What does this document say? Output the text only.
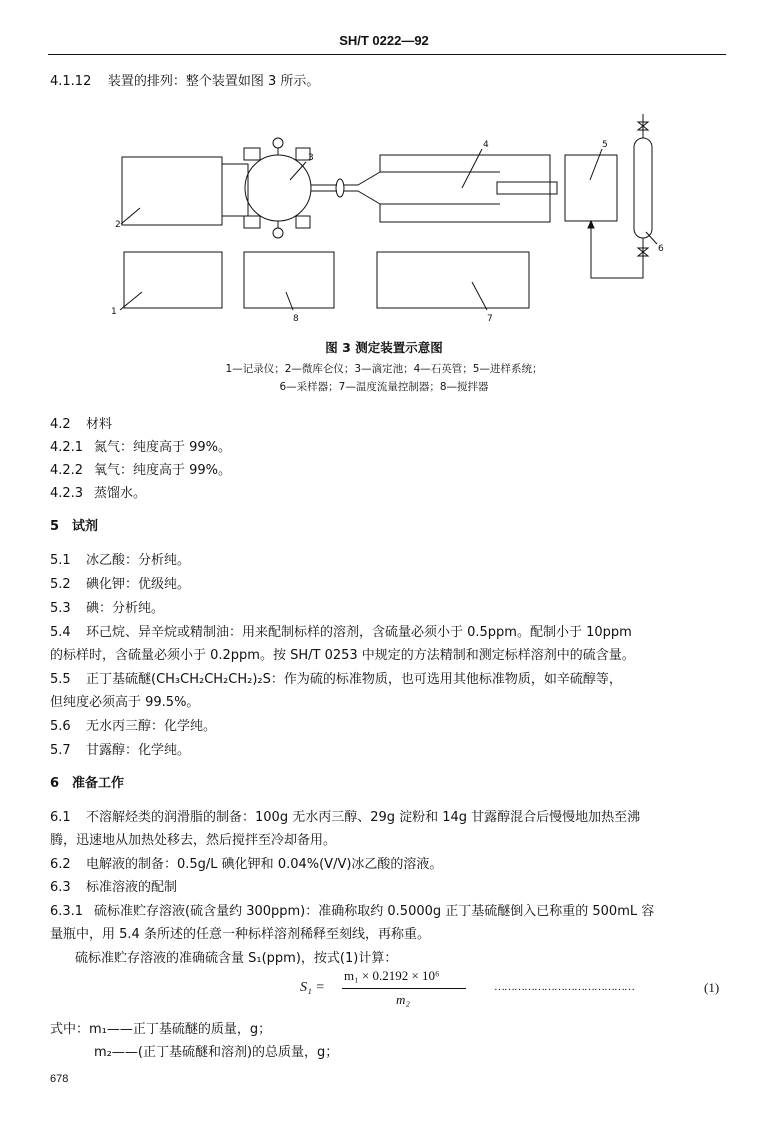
SH/T 0222—92
4.1.12 装置的排列：整个装置如图 3 所示。
1
2
3
4	5
6
7
8
图 3 测定装置示意图
1—记录仪；2—微库仑仪；3—滴定池；4—石英管；5—进样系统；
6—采样器；7—温度流量控制器；8—搅拌器
4.2 材料
4.2.1 氮气：纯度高于 99%。
4.2.2 氧气：纯度高于 99%。
4.2.3 蒸馏水。
5 试剂
5.1 冰乙酸：分析纯。
5.2 碘化钾：优级纯。
5.3 碘：分析纯。
5.4 环己烷、异辛烷或精制油：用来配制标样的溶剂，含硫量必须小于 0.5ppm。配制小于 10ppm
的标样时，含硫量必须小于 0.2ppm。按 SH/T 0253 中规定的方法精制和测定标样溶剂中的硫含量。
5.5 正丁基硫醚(CH₃CH₂CH₂CH₂)₂S：作为硫的标准物质，也可选用其他标准物质，如辛硫醇等，
但纯度必须高于 99.5%。
5.6 无水丙三醇：化学纯。
5.7 甘露醇：化学纯。
6 准备工作
6.1 不溶解烃类的润滑脂的制备：100g 无水丙三醇、29g 淀粉和 14g 甘露醇混合后慢慢地加热至沸
腾，迅速地从加热处移去，然后搅拌至冷却备用。
6.2 电解液的制备：0.5g/L 碘化钾和 0.04%(V/V)冰乙酸的溶液。
6.3 标准溶液的配制
6.3.1 硫标准贮存溶液(硫含量约 300ppm)：准确称取约 0.5000g 正丁基硫醚倒入已称重的 500mL 容
量瓶中，用 5.4 条所述的任意一种标样溶剂稀释至刻线，再称重。
硫标准贮存溶液的准确硫含量 S₁(ppm)，按式(1)计算：
S₁ =
m₁ × 0.2192 × 10⁶
m₂
……………………………………	(1)
式中：m₁——正丁基硫醚的质量，g；
m₂——(正丁基硫醚和溶剂)的总质量，g；
678
